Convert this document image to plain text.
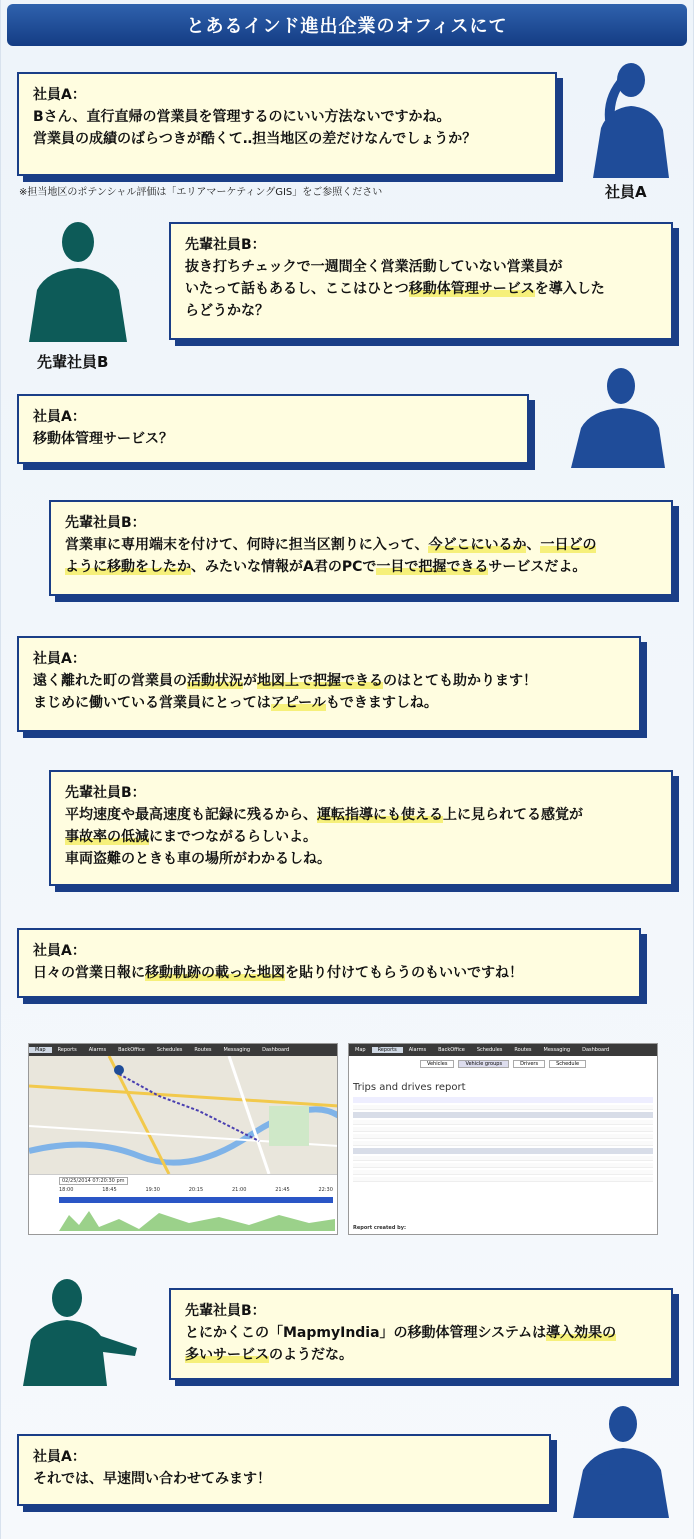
とあるインド進出企業のオフィスにて
社員A：
Bさん、直行直帰の営業員を管理するのにいい方法ないですかね。
営業員の成績のばらつきが酷くて‥担当地区の差だけなんでしょうか？
※担当地区のポテンシャル評価は「エリアマーケティングGIS」をご参照ください	社員A
先輩社員B
先輩社員B：
抜き打ちチェックで一週間全く営業活動していない営業員が
いたって話もあるし、ここはひとつ移動体管理サービスを導入した
らどうかな？
社員A：
移動体管理サービス？
先輩社員B：
営業車に専用端末を付けて、何時に担当区割りに入って、今どこにいるか、一日どの
ように移動をしたか、みたいな情報がA君のPCで一目で把握できるサービスだよ。
社員A：
遠く離れた町の営業員の活動状況が地図上で把握できるのはとても助かります！
まじめに働いている営業員にとってはアピールもできますしね。
先輩社員B：
平均速度や最高速度も記録に残るから、運転指導にも使える上に見られてる感覚が
事故率の低減にまでつながるらしいよ。
車両盗難のときも車の場所がわかるしね。
社員A：
日々の営業日報に移動軌跡の載った地図を貼り付けてもらうのもいいですね！
Map	Reports	Alarms	BackOffice	Schedules	Routes	Messaging	Dashboard
02/25/2014 07:20:30 pm
18:00	18:45	19:30	20:15	21:00	21:45	22:30
Map	Reports	Alarms	BackOffice	Schedules	Routes	Messaging	Dashboard
Vehicles	Vehicle groups	Drivers	Schedule
Trips and drives report
Report created by:
先輩社員B：
とにかくこの「MapmyIndia」の移動体管理システムは導入効果の
多いサービスのようだな。
社員A：
それでは、早速問い合わせてみます！
